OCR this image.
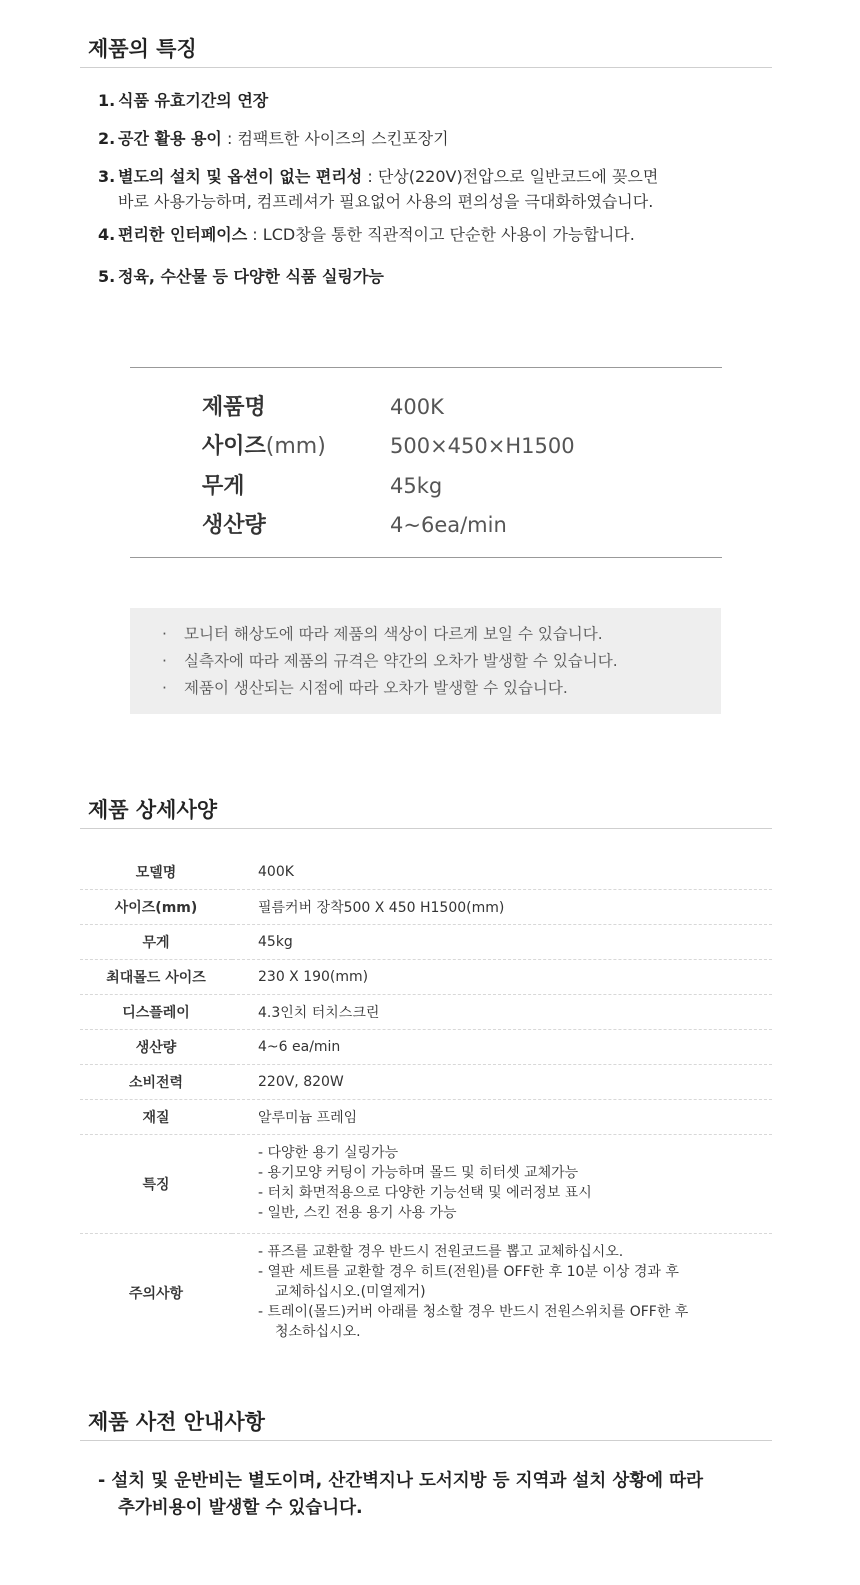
제품의 특징
1. 식품 유효기간의 연장
2. 공간 활용 용이 : 컴팩트한 사이즈의 스킨포장기
3. 별도의 설치 및 옵션이 없는 편리성 : 단상(220V)전압으로 일반코드에 꽂으면
바로 사용가능하며, 컴프레셔가 필요없어 사용의 편의성을 극대화하였습니다.
4. 편리한 인터페이스 : LCD창을 통한 직관적이고 단순한 사용이 가능합니다.
5. 정육, 수산물 등 다양한 식품 실링가능
제품명	400K
사이즈(mm)	500×450×H1500
무게	45kg
생산량	4~6ea/min
· 모니터 해상도에 따라 제품의 색상이 다르게 보일 수 있습니다.
· 실측자에 따라 제품의 규격은 약간의 오차가 발생할 수 있습니다.
· 제품이 생산되는 시점에 따라 오차가 발생할 수 있습니다.
제품 상세사양
모델명	400K
사이즈(mm)	필름커버 장착500 X 450 H1500(mm)
무게	45kg
최대몰드 사이즈	230 X 190(mm)
디스플레이	4.3인치 터치스크린
생산량	4~6 ea/min
소비전력	220V, 820W
재질	알루미늄 프레임
특징	- 다양한 용기 실링가능
- 용기모양 커팅이 가능하며 몰드 및 히터셋 교체가능
- 터치 화면적용으로 다양한 기능선택 및 에러정보 표시
- 일반, 스킨 전용 용기 사용 가능

주의사항	- 퓨즈를 교환할 경우 반드시 전원코드를 뽑고 교체하십시오.
- 열판 세트를 교환할 경우 히트(전원)를 OFF한 후 10분 이상 경과 후
교체하십시오.(미열제거)
- 트레이(몰드)커버 아래를 청소할 경우 반드시 전원스위치를 OFF한 후
청소하십시오.
제품 사전 안내사항
- 설치 및 운반비는 별도이며, 산간벽지나 도서지방 등 지역과 설치 상황에 따라
추가비용이 발생할 수 있습니다.
